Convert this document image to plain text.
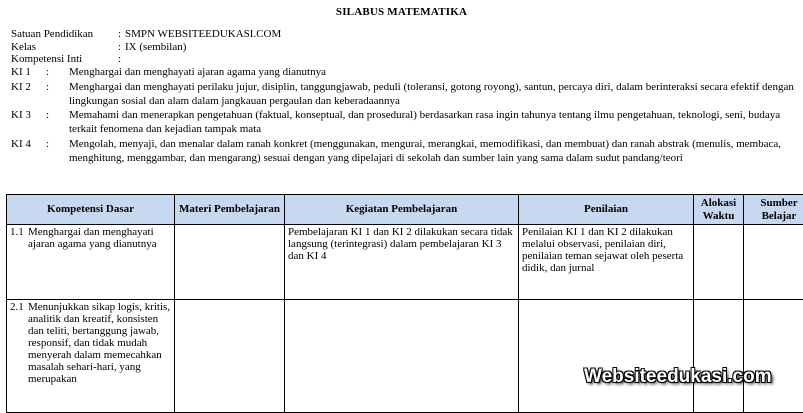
SILABUS MATEMATIKA
Satuan Pendidikan : SMPN WEBSITEEDUKASI.COM
Kelas	: IX (sembilan)
Kompetensi Inti	:
KI 1 : Menghargai dan menghayati ajaran agama yang dianutnya
KI 2 : Menghargai dan menghayati perilaku jujur, disiplin, tanggungjawab, peduli (toleransi, gotong royong), santun, percaya diri, dalam berinteraksi secara efektif dengan lingkungan sosial dan alam dalam jangkauan pergaulan dan keberadaannya
KI 3 : Memahami dan menerapkan pengetahuan (faktual, konseptual, dan prosedural) berdasarkan rasa ingin tahunya tentang ilmu pengetahuan, teknologi, seni, budaya terkait fenomena dan kejadian tampak mata
KI 4 : Mengolah, menyaji, dan menalar dalam ranah konkret (menggunakan, mengurai, merangkai, memodifikasi, dan membuat) dan ranah abstrak (menulis, membaca, menghitung, menggambar, dan mengarang) sesuai dengan yang dipelajari di sekolah dan sumber lain yang sama dalam sudut pandang/teori
Kompetensi Dasar	Materi Pembelajaran	Kegiatan Pembelajaran	Penilaian	Alokasi Waktu	Sumber Belajar

1.1 Menghargai dan menghayati ajaran agama yang dianutnya		Pembelajaran KI 1 dan KI 2 dilakukan secara tidak langsung (terintegrasi) dalam pembelajaran KI 3 dan KI 4	Penilaian KI 1 dan KI 2 dilakukan melalui observasi, penilaian diri, penilaian teman sejawat oleh peserta didik, dan jurnal		

2.1 Menunjukkan sikap logis, kritis, analitik dan kreatif, konsisten dan teliti, bertanggung jawab, responsif, dan tidak mudah menyerah dalam memecahkan masalah sehari-hari, yang merupakan					
						Websiteedukasi.com
